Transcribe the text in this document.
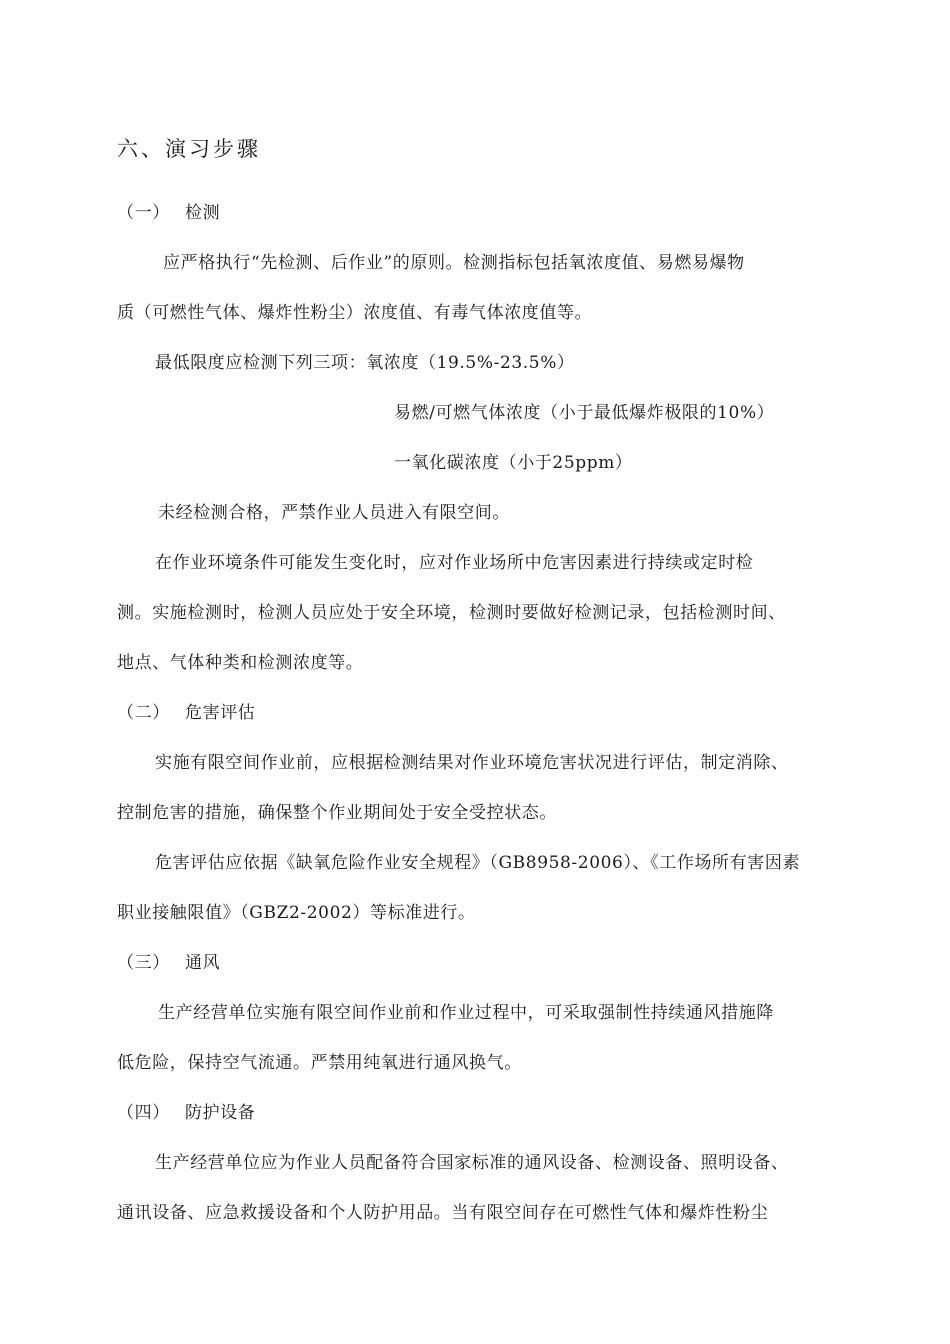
六、演习步骤
（一） 检测
应严格执行“先检测、后作业”的原则。检测指标包括氧浓度值、易燃易爆物
质（可燃性气体、爆炸性粉尘）浓度值、有毒气体浓度值等。
最低限度应检测下列三项：氧浓度（19.5%-23.5%）
易燃/可燃气体浓度（小于最低爆炸极限的10%）
一氧化碳浓度（小于25ppm）
未经检测合格，严禁作业人员进入有限空间。
在作业环境条件可能发生变化时，应对作业场所中危害因素进行持续或定时检
测。实施检测时，检测人员应处于安全环境，检测时要做好检测记录，包括检测时间、
地点、气体种类和检测浓度等。
（二） 危害评估
实施有限空间作业前，应根据检测结果对作业环境危害状况进行评估，制定消除、
控制危害的措施，确保整个作业期间处于安全受控状态。
危害评估应依据《缺氧危险作业安全规程》（GB8958-2006）、《工作场所有害因素
职业接触限值》（GBZ2-2002）等标准进行。
（三） 通风
生产经营单位实施有限空间作业前和作业过程中，可采取强制性持续通风措施降
低危险，保持空气流通。严禁用纯氧进行通风换气。
（四） 防护设备
生产经营单位应为作业人员配备符合国家标准的通风设备、检测设备、照明设备、
通讯设备、应急救援设备和个人防护用品。当有限空间存在可燃性气体和爆炸性粉尘
